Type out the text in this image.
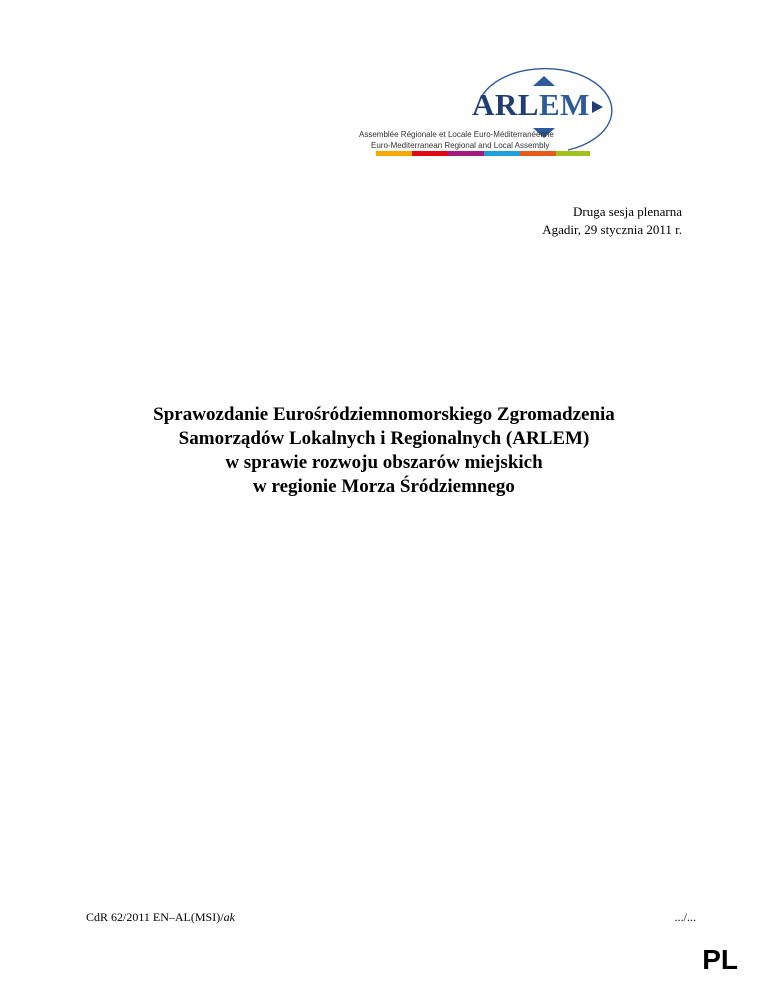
ARLEM
Assemblée Régionale et Locale Euro-Méditerranéenne
Euro-Mediterranean Regional and Local Assembly
Druga sesja plenarna
Agadir, 29 stycznia 2011 r.
Sprawozdanie Eurośródziemnomorskiego Zgromadzenia
Samorządów Lokalnych i Regionalnych (ARLEM)
w sprawie rozwoju obszarów miejskich
w regionie Morza Śródziemnego
CdR 62/2011 EN–AL(MSI)/ak	.../...
PL
